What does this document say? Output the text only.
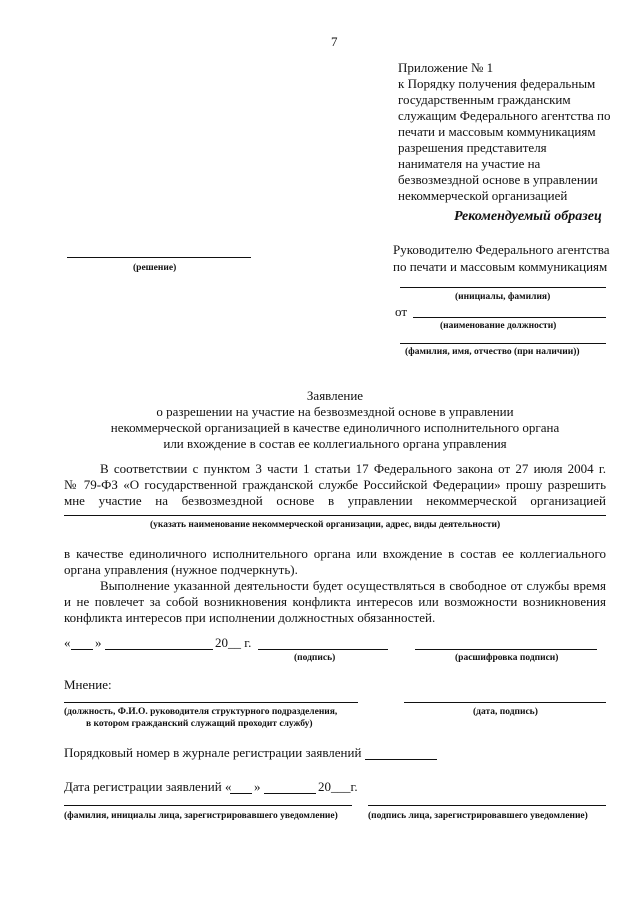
7
Приложение № 1
к Порядку получения федеральным
государственным гражданским
служащим Федерального агентства по
печати и массовым коммуникациям
разрешения представителя
нанимателя на участие на
безвозмездной основе в управлении
некоммерческой организацией
Рекомендуемый образец
(решение)
Руководителю Федерального агентства
по печати и массовым коммуникациям
(инициалы, фамилия)
от
(наименование должности)
(фамилия, имя, отчество (при наличии))
Заявление
о разрешении на участие на безвозмездной основе в управлении
некоммерческой организацией в качестве единоличного исполнительного органа
или вхождение в состав ее коллегиального органа управления
В соответствии с пунктом 3 части 1 статьи 17 Федерального закона от 27 июля 2004 г.
№ 79-ФЗ «О государственной гражданской службе Российской Федерации» прошу разрешить
мне участие на безвозмездной основе в управлении некоммерческой организацией
(указать наименование некоммерческой организации, адрес, виды деятельности)
в качестве единоличного исполнительного органа или вхождение в состав ее коллегиального
органа управления (нужное подчеркнуть).
Выполнение указанной деятельности будет осуществляться в свободное от службы время
и не повлечет за собой возникновения конфликта интересов или возможности возникновения
конфликта интересов при исполнении должностных обязанностей.
« »	20__ г.
(подпись)	(расшифровка подписи)
Мнение:
(должность, Ф.И.О. руководителя структурного подразделения,
в котором гражданский служащий проходит службу)
(дата, подпись)
Порядковый номер в журнале регистрации заявлений
Дата регистрации заявлений « »	20___г.
(фамилия, инициалы лица, зарегистрировавшего уведомление)	(подпись лица, зарегистрировавшего уведомление)
